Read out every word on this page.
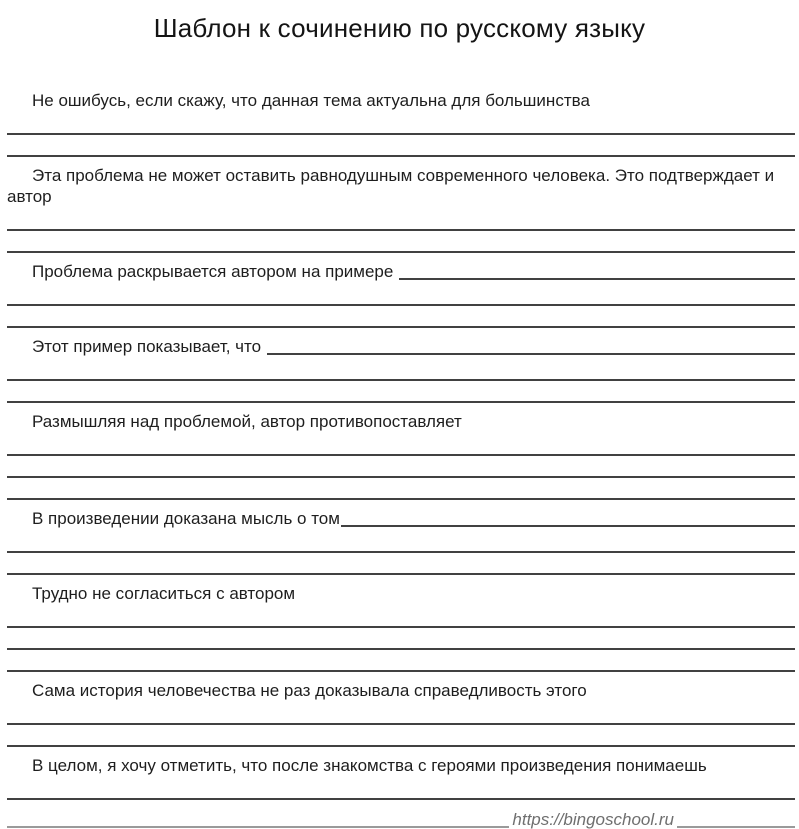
Шаблон к сочинению по русскому языку
Не ошибусь, если скажу, что данная тема актуальна для большинства
Эта проблема не может оставить равнодушным современного человека. Это подтверждает и автор
Проблема раскрывается автором на примере
Этот пример показывает, что
Размышляя над проблемой, автор противопоставляет
В произведении доказана мысль о том
Трудно не согласиться с автором
Сама история человечества не раз доказывала справедливость этого
В целом, я хочу отметить, что после знакомства с героями произведения понимаешь
https://bingoschool.ru
